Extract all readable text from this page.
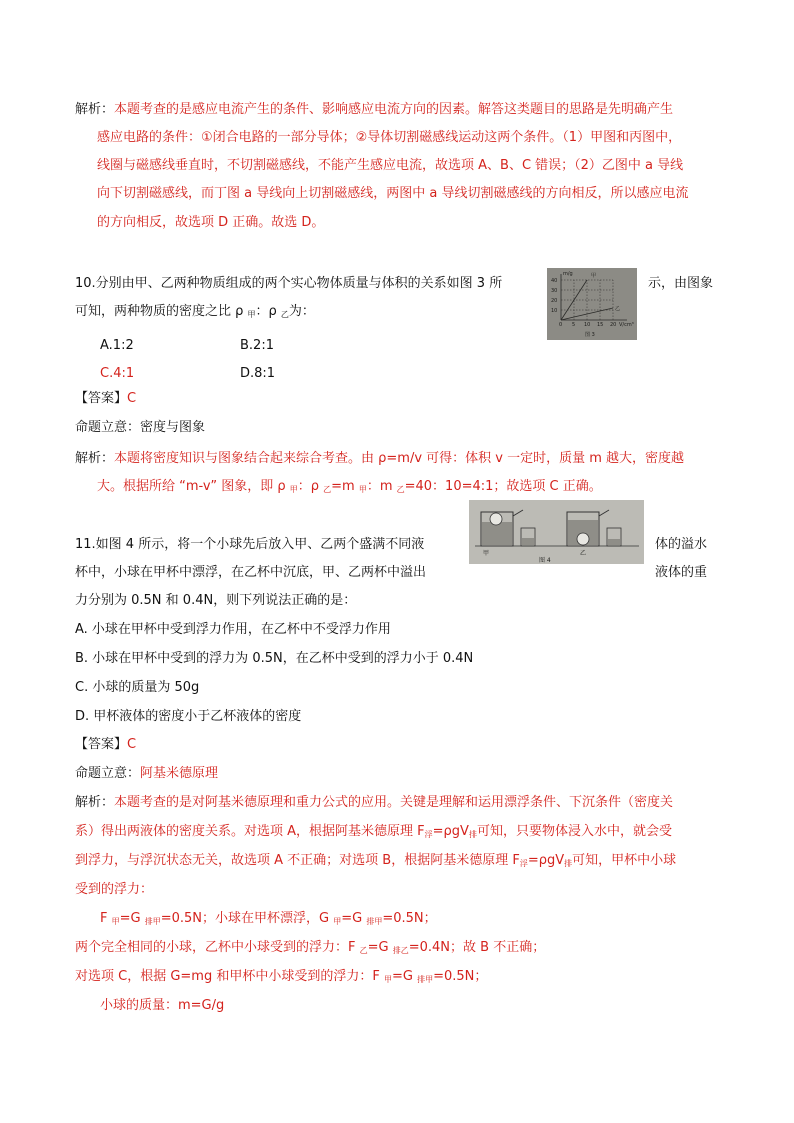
解析：本题考查的是感应电流产生的条件、影响感应电流方向的因素。解答这类题目的思路是先明确产生
感应电路的条件：①闭合电路的一部分导体；②导体切割磁感线运动这两个条件。（1）甲图和丙图中，
线圈与磁感线垂直时，不切割磁感线，不能产生感应电流，故选项 A、B、C 错误；（2）乙图中 a 导线
向下切割磁感线，而丁图 a 导线向上切割磁感线，两图中 a 导线切割磁感线的方向相反，所以感应电流
的方向相反，故选项 D 正确。故选 D。
10.分别由甲、乙两种物质组成的两个实心物体质量与体积的关系如图 3 所	示，由图象
可知，两种物质的密度之比 ρ $_甲$：ρ $_乙$为：
m/g	甲
乙
40
30
20
10
0 5 10 15 20 V/cm³
图 3
A.1:2	B.2:1
C.4:1	D.8:1
【答案】C
命题立意：密度与图象
解析：本题将密度知识与图象结合起来综合考查。由 ρ=m/v 可得：体积 v 一定时，质量 m 越大，密度越
大。根据所给 “m-v” 图象，即 ρ $_甲$：ρ $_乙$=m $_甲$：m $_乙$=40：10=4:1；故选项 C 正确。
11.如图 4 所示，将一个小球先后放入甲、乙两个盛满不同液	体的溢水
杯中，小球在甲杯中漂浮，在乙杯中沉底，甲、乙两杯中溢出	液体的重
力分别为 0.5N 和 0.4N，则下列说法正确的是：
甲	乙
图 4
A. 小球在甲杯中受到浮力作用，在乙杯中不受浮力作用
B. 小球在甲杯中受到的浮力为 0.5N，在乙杯中受到的浮力小于 0.4N
C. 小球的质量为 50g
D. 甲杯液体的密度小于乙杯液体的密度
【答案】C
命题立意：阿基米德原理
解析：本题考查的是对阿基米德原理和重力公式的应用。关键是理解和运用漂浮条件、下沉条件（密度关
系）得出两液体的密度关系。对选项 A，根据阿基米德原理 $F_浮=\rho gV_排$可知，只要物体浸入水中，就会受
到浮力，与浮沉状态无关，故选项 A 不正确；对选项 B，根据阿基米德原理 $F_浮=\rho gV_排$可知，甲杯中小球
受到的浮力：
F $_甲$=G $_{排甲}$=0.5N；小球在甲杯漂浮，G $_甲$=G $_{排甲}$=0.5N；
两个完全相同的小球，乙杯中小球受到的浮力：F $_乙$=G $_{排乙}$=0.4N；故 B 不正确；
对选项 C，根据 G=mg 和甲杯中小球受到的浮力：F $_甲$=G $_{排甲}$=0.5N；
小球的质量：m=G/g
